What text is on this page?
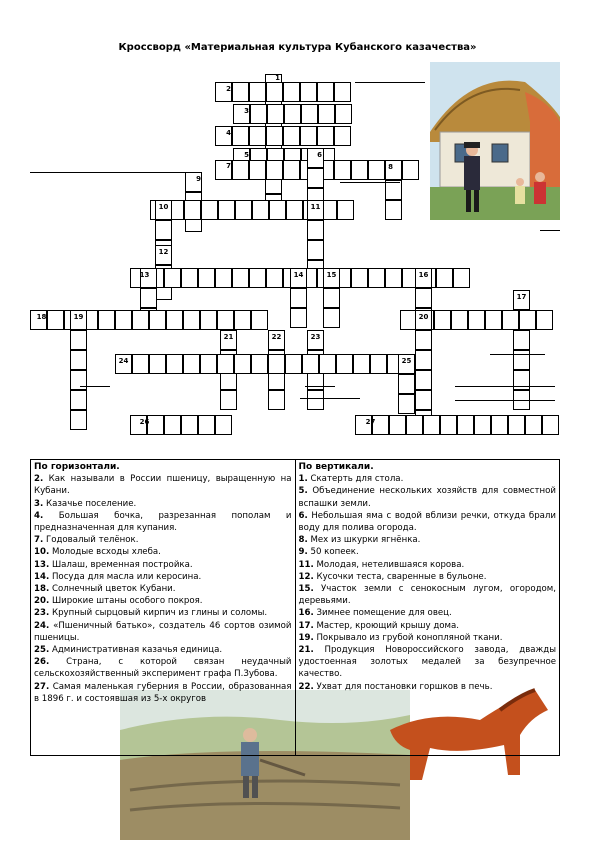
Кроссворд «Материальная культура Кубанского казачества»
1
2
3
4
5	6
7	8
9
10	11
12
13	14	15	16
17
18	19	20
21	22	23
24	25
26	27
По горизонтали.

2. Как называли в России пшеницу, выращенную на Кубани.

3. Казачье поселение.

4. Большая бочка, разрезанная пополам и предназначенная для купания.

7. Годовалый телёнок.

10. Молодые всходы хлеба.

13. Шалаш, временная постройка.

14. Посуда для масла или керосина.

18. Солнечный цветок Кубани.

20. Широкие штаны особого покроя.

23. Крупный сырцовый кирпич из глины и соломы.

24. «Пшеничный батько», создатель 46 сортов озимой пшеницы.

25. Административная казачья единица.

26. Страна, с которой связан неудачный сельскохозяйственный эксперимент графа П.Зубова.

27. Самая маленькая губерния в России, образованная в 1896 г. и состоявшая из 5-х округов

По вертикали.

1. Скатерть для стола.

5. Объединение нескольких хозяйств для совместной вспашки земли.

6. Небольшая яма с водой вблизи речки, откуда брали воду для полива огорода.

8. Мех из шкурки ягнёнка.

9. 50 копеек.

11. Молодая, нетелившаяся корова.

12. Кусочки теста, сваренные в бульоне.

15. Участок земли с сенокосным лугом, огородом, деревьями.

16. Зимнее помещение для овец.

17. Мастер, кроющий крышу дома.

19. Покрывало из грубой конопляной ткани.

21. Продукция Новороссийского завода, дважды удостоенная золотых медалей за безупречное качество.

22. Ухват для постановки горшков в печь.
